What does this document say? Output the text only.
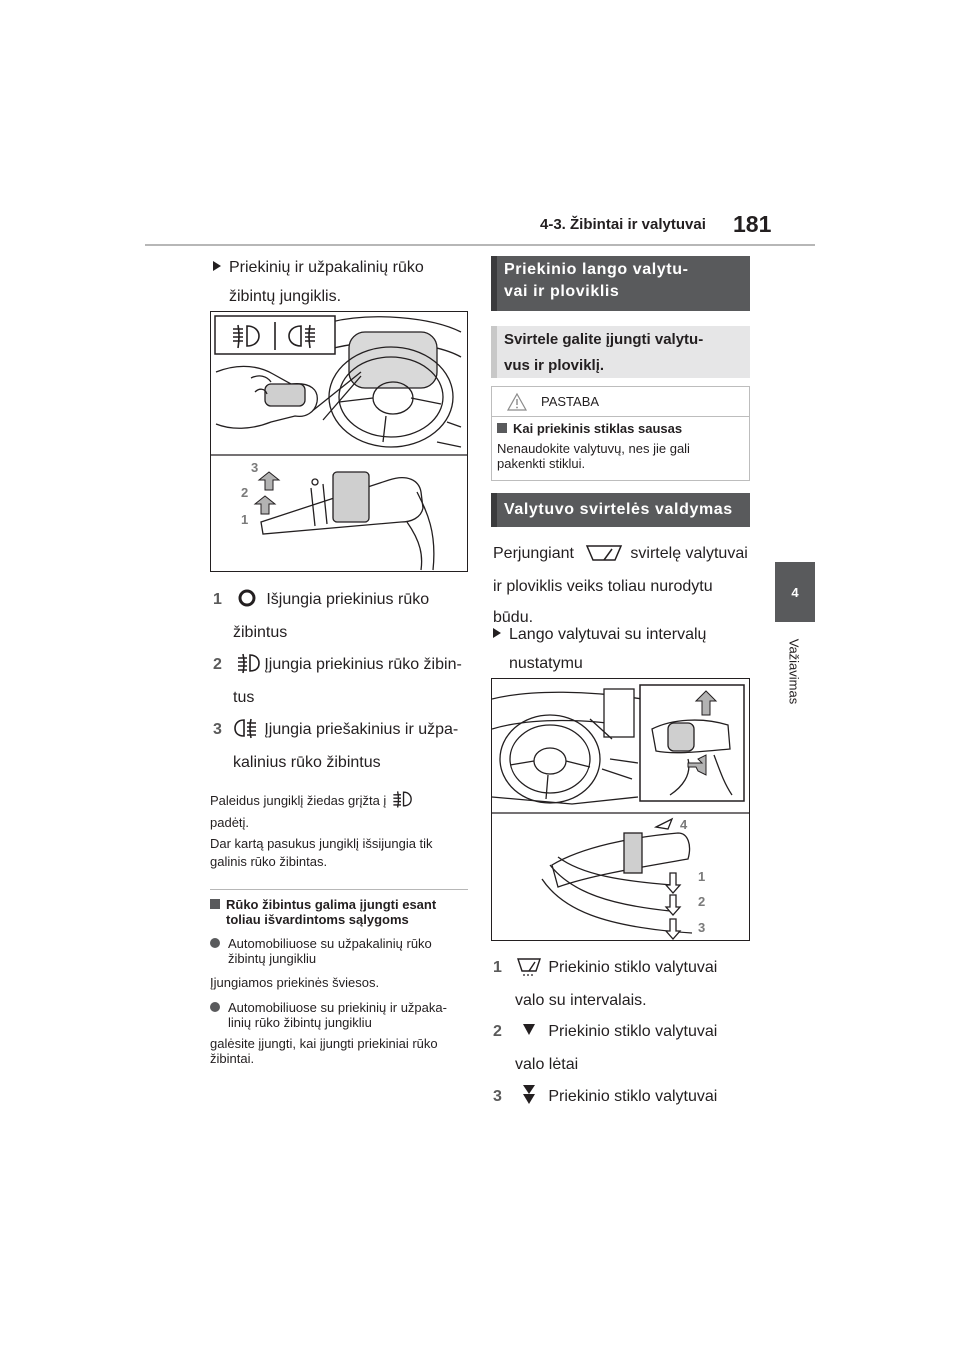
4-3. Žibintai ir valytuvai 181
4
Važiavimas
Priekinių ir užpakalinių rūko
žibintų jungiklis.
3
2
1
1	Išjungia priekinius rūko
žibintus
2	Įjungia priekinius rūko žibin-
tus
3	Įjungia priešakinius ir užpa-
kalinius rūko žibintus
Paleidus jungiklį žiedas grįžta į
padėtį.
Dar kartą pasukus jungiklį išsijungia tik
galinis rūko žibintas.
Rūko žibintus galima įjungti esant
toliau išvardintoms sąlygoms
Automobiliuose su užpakalinių rūko
žibintų jungikliu
Įjungiamos priekinės šviesos.
Automobiliuose su priekinių ir užpaka-
linių rūko žibintų jungikliu
galėsite įjungti, kai įjungti priekiniai rūko
žibintai.
Priekinio lango valytu-
vai ir ploviklis
Svirtele galite įjungti valytu-
vus ir ploviklį.
PASTABA
Kai priekinis stiklas sausas
Nenaudokite valytuvų, nes jie gali
pakenkti stiklui.
Valytuvo svirtelės valdymas
Perjungiant	svirtelę valytuvai
ir ploviklis veiks toliau nurodytu
būdu.
Lango valytuvai su intervalų
nustatymu
4
1
2
3
1	Priekinio stiklo valytuvai
valo su intervalais.
2	Priekinio stiklo valytuvai
valo lėtai
3	Priekinio stiklo valytuvai
